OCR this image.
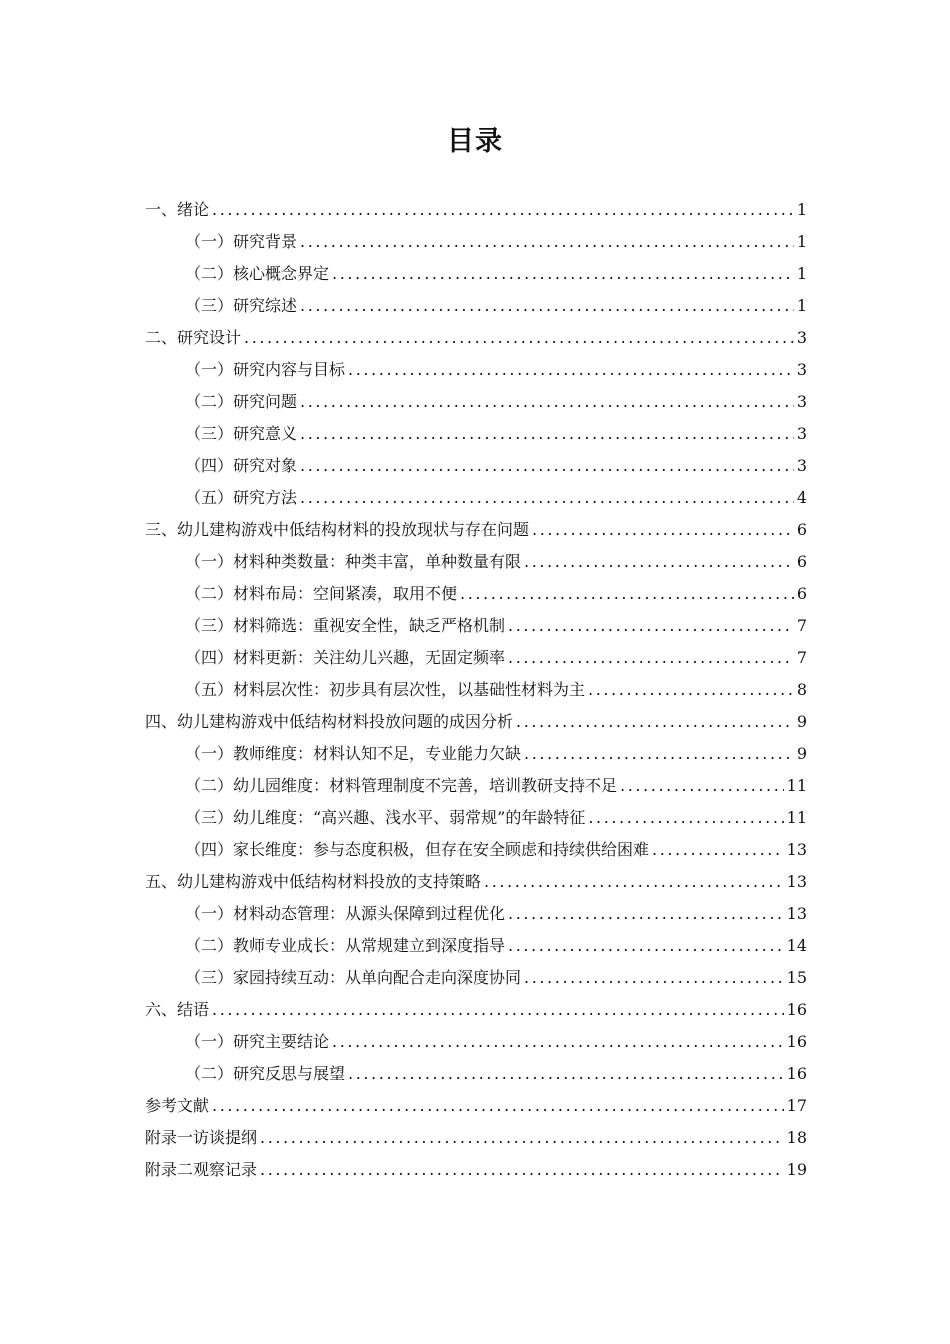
目录
一、绪论 .....	1
（一）研究背景 .....	1
（二）核心概念界定 .....	1
（三）研究综述 .....	1
二、研究设计 .....	3
（一）研究内容与目标 .....	3
（二）研究问题 .....	3
（三）研究意义 .....	3
（四）研究对象 .....	3
（五）研究方法 .....	4
三、幼儿建构游戏中低结构材料的投放现状与存在问题 .....	6
（一）材料种类数量：种类丰富，单种数量有限 .....	6
（二）材料布局：空间紧凑，取用不便 .....	6
（三）材料筛选：重视安全性，缺乏严格机制 .....	7
（四）材料更新：关注幼儿兴趣，无固定频率 .....	7
（五）材料层次性：初步具有层次性，以基础性材料为主 .....	8
四、幼儿建构游戏中低结构材料投放问题的成因分析 .....	9
（一）教师维度：材料认知不足，专业能力欠缺 .....	9
（二）幼儿园维度：材料管理制度不完善，培训教研支持不足 .....	11
（三）幼儿维度：“高兴趣、浅水平、弱常规”的年龄特征 .....	11
（四）家长维度：参与态度积极，但存在安全顾虑和持续供给困难 .....	13
五、幼儿建构游戏中低结构材料投放的支持策略 .....	13
（一）材料动态管理：从源头保障到过程优化 .....	13
（二）教师专业成长：从常规建立到深度指导 .....	14
（三）家园持续互动：从单向配合走向深度协同 .....	15
六、结语 .....	16
（一）研究主要结论 .....	16
（二）研究反思与展望 .....	16
参考文献 .....	17
附录一访谈提纲 .....	18
附录二观察记录 .....	19
